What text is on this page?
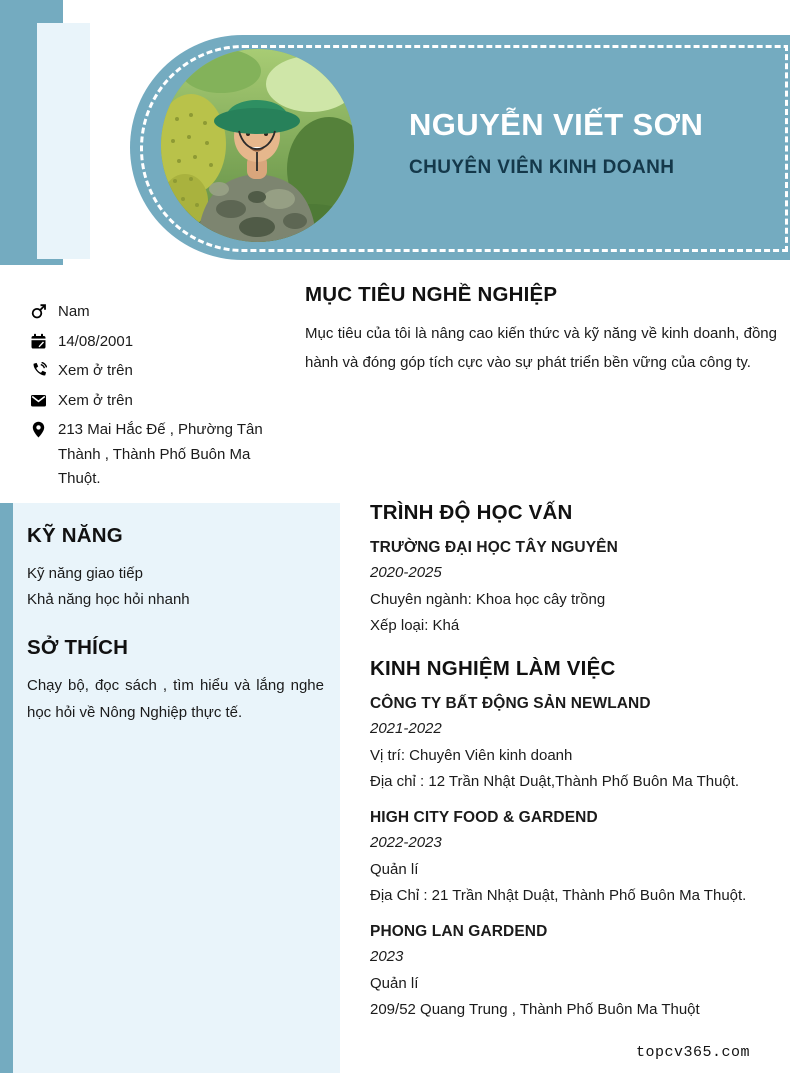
NGUYỄN VIẾT SƠN
CHUYÊN VIÊN KINH DOANH
Nam
14/08/2001
Xem ở trên
Xem ở trên
213 Mai Hắc Đế , Phường Tân Thành , Thành Phố Buôn Ma Thuột.
MỤC TIÊU NGHỀ NGHIỆP
Mục tiêu của tôi là nâng cao kiến thức và kỹ năng về kinh doanh, đồng hành và đóng góp tích cực vào sự phát triển bền vững của công ty.
KỸ NĂNG
Kỹ năng giao tiếp
Khả năng học hỏi nhanh
SỞ THÍCH
Chạy bộ, đọc sách , tìm hiểu và lắng nghe học hỏi về Nông Nghiệp thực tế.
TRÌNH ĐỘ HỌC VẤN
TRƯỜNG ĐẠI HỌC TÂY NGUYÊN
2020-2025
Chuyên ngành: Khoa học cây trồng
Xếp loại: Khá
KINH NGHIỆM LÀM VIỆC
CÔNG TY BẤT ĐỘNG SẢN NEWLAND
2021-2022
Vị trí: Chuyên Viên kinh doanh
Địa chỉ : 12 Trần Nhật Duật,Thành Phố Buôn Ma Thuột.
HIGH CITY FOOD & GARDEND
2022-2023
Quản lí
Địa Chỉ : 21 Trần Nhật Duật, Thành Phố Buôn Ma Thuột.
PHONG LAN GARDEND
2023
Quản lí
209/52 Quang Trung , Thành Phố Buôn Ma Thuột
topcv365.com
